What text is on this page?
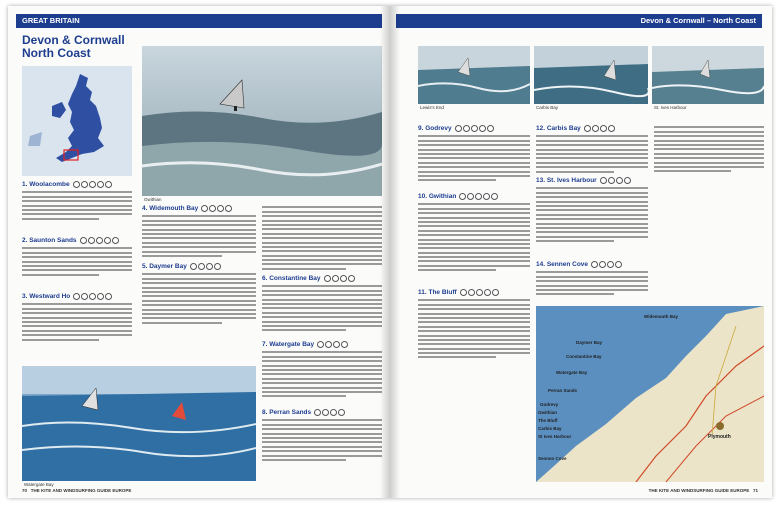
GREAT BRITAIN
Devon & Cornwall North Coast
1. Woolacombe
2. Saunton Sands
3. Westward Ho
Gwithian
4. Widemouth Bay
5. Daymer Bay
6. Constantine Bay
7. Watergate Bay
8. Perran Sands
Watergate Bay
70 THE KITE AND WINDSURFING GUIDE EUROPE
Devon & Cornwall – North Coast
Lewis's End	Carbis Bay	St. Ives Harbour
9. Godrevy
10. Gwithian
11. The Bluff
12. Carbis Bay
13. St. Ives Harbour
14. Sennen Cove
Widemouth Bay
Plymouth
Daymer Bay
Constantine Bay
Watergate Bay
Perran Sands
Godrevy
Gwithian
The Bluff
Carbis Bay
St Ives Harbour
Sennen Cove
THE KITE AND WINDSURFING GUIDE EUROPE 71
